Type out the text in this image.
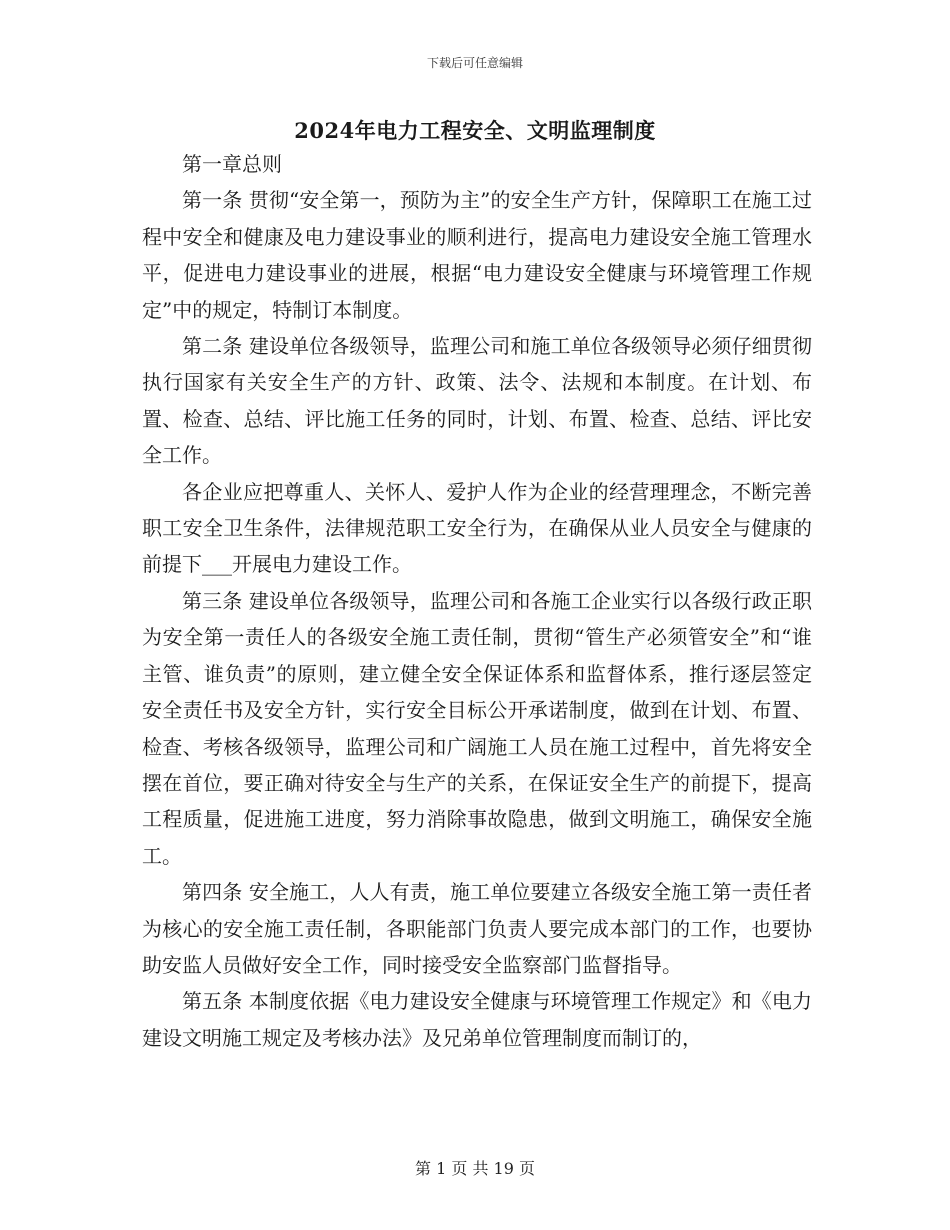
下载后可任意编辑
2024年电力工程安全、文明监理制度

第一章总则

第一条 贯彻“安全第一，预防为主”的安全生产方针，保障职工在施工过程中安全和健康及电力建设事业的顺利进行，提高电力建设安全施工管理水平，促进电力建设事业的进展，根据“电力建设安全健康与环境管理工作规定”中的规定，特制订本制度。

第二条 建设单位各级领导，监理公司和施工单位各级领导必须仔细贯彻执行国家有关安全生产的方针、政策、法令、法规和本制度。在计划、布置、检查、总结、评比施工任务的同时，计划、布置、检查、总结、评比安全工作。

各企业应把尊重人、关怀人、爱护人作为企业的经营理理念，不断完善职工安全卫生条件，法律规范职工安全行为，在确保从业人员安全与健康的前提下___开展电力建设工作。

第三条 建设单位各级领导，监理公司和各施工企业实行以各级行政正职为安全第一责任人的各级安全施工责任制，贯彻“管生产必须管安全”和“谁主管、谁负责”的原则，建立健全安全保证体系和监督体系，推行逐层签定安全责任书及安全方针，实行安全目标公开承诺制度，做到在计划、布置、检查、考核各级领导，监理公司和广阔施工人员在施工过程中，首先将安全摆在首位，要正确对待安全与生产的关系，在保证安全生产的前提下，提高工程质量，促进施工进度，努力消除事故隐患，做到文明施工，确保安全施工。

第四条 安全施工，人人有责，施工单位要建立各级安全施工第一责任者为核心的安全施工责任制，各职能部门负责人要完成本部门的工作，也要协助安监人员做好安全工作，同时接受安全监察部门监督指导。

第五条 本制度依据《电力建设安全健康与环境管理工作规定》和《电力建设文明施工规定及考核办法》及兄弟单位管理制度而制订的，

第 1 页 共 19 页
